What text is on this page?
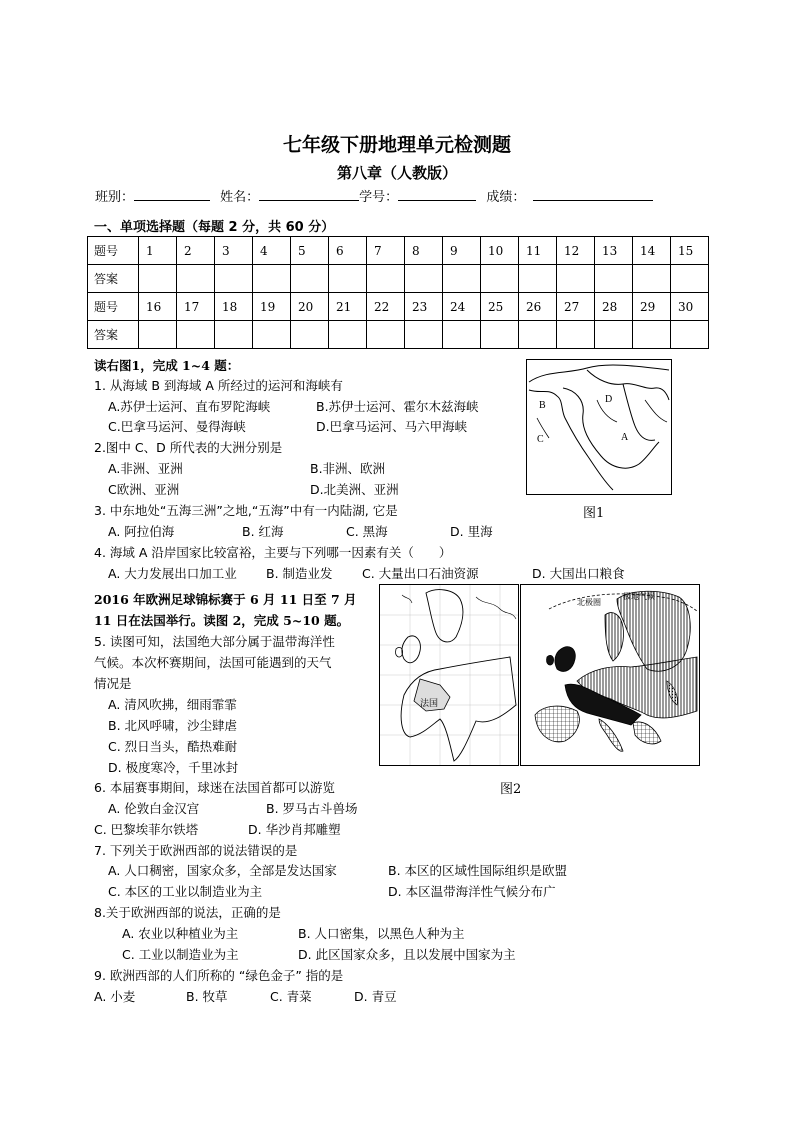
七年级下册地理单元检测题
第八章（人教版）
班别：	姓名：	学号：	成绩：
一、单项选择题（每题 2 分，共 60 分）
题号	1	2	3	4	5	6	7	8	9	10	11	12	13	14	15
答案															
题号	16	17	18	19	20	21	22	23	24	25	26	27	28	29	30
答案															
B
D
C	A
图1
读右图1，完成 1~4 题：
1. 从海域 B 到海域 A 所经过的运河和海峡有
A.苏伊士运河、直布罗陀海峡	B.苏伊士运河、霍尔木兹海峡
C.巴拿马运河、曼得海峡	D.巴拿马运河、马六甲海峡
2.图中 C、D 所代表的大洲分别是
A.非洲、亚洲	B.非洲、欧洲
C欧洲、亚洲	D.北美洲、亚洲
3. 中东地处“五海三洲”之地,“五海”中有一内陆湖, 它是
A. 阿拉伯海	B. 红海	C. 黑海	D. 里海
4. 海域 A 沿岸国家比较富裕，主要与下列哪一因素有关（　　）
A. 大力发展出口加工业 B. 制造业发 C. 大量出口石油资源	D. 大国出口粮食
法国
北极圈
极地气候
图2
2016 年欧洲足球锦标赛于 6 月 11 日至 7 月
11 日在法国举行。读图 2，完成 5~10 题。
5. 读图可知，法国绝大部分属于温带海洋性
气候。本次杯赛期间，法国可能遇到的天气
情况是
A. 清风吹拂，细雨霏霏
B. 北风呼啸，沙尘肆虐
C. 烈日当头，酷热难耐
D. 极度寒冷，千里冰封
6. 本届赛事期间，球迷在法国首都可以游览
A. 伦敦白金汉宫	B. 罗马古斗兽场
C. 巴黎埃菲尔铁塔	D. 华沙肖邦雕塑
7. 下列关于欧洲西部的说法错误的是
A. 人口稠密，国家众多，全部是发达国家	B. 本区的区域性国际组织是欧盟
C. 本区的工业以制造业为主	D. 本区温带海洋性气候分布广
8.关于欧洲西部的说法，正确的是
A. 农业以种植业为主	B. 人口密集，以黑色人种为主
C. 工业以制造业为主	D. 此区国家众多，且以发展中国家为主
9. 欧洲西部的人们所称的 “绿色金子” 指的是
A. 小麦	B. 牧草	C. 青菜	D. 青豆
